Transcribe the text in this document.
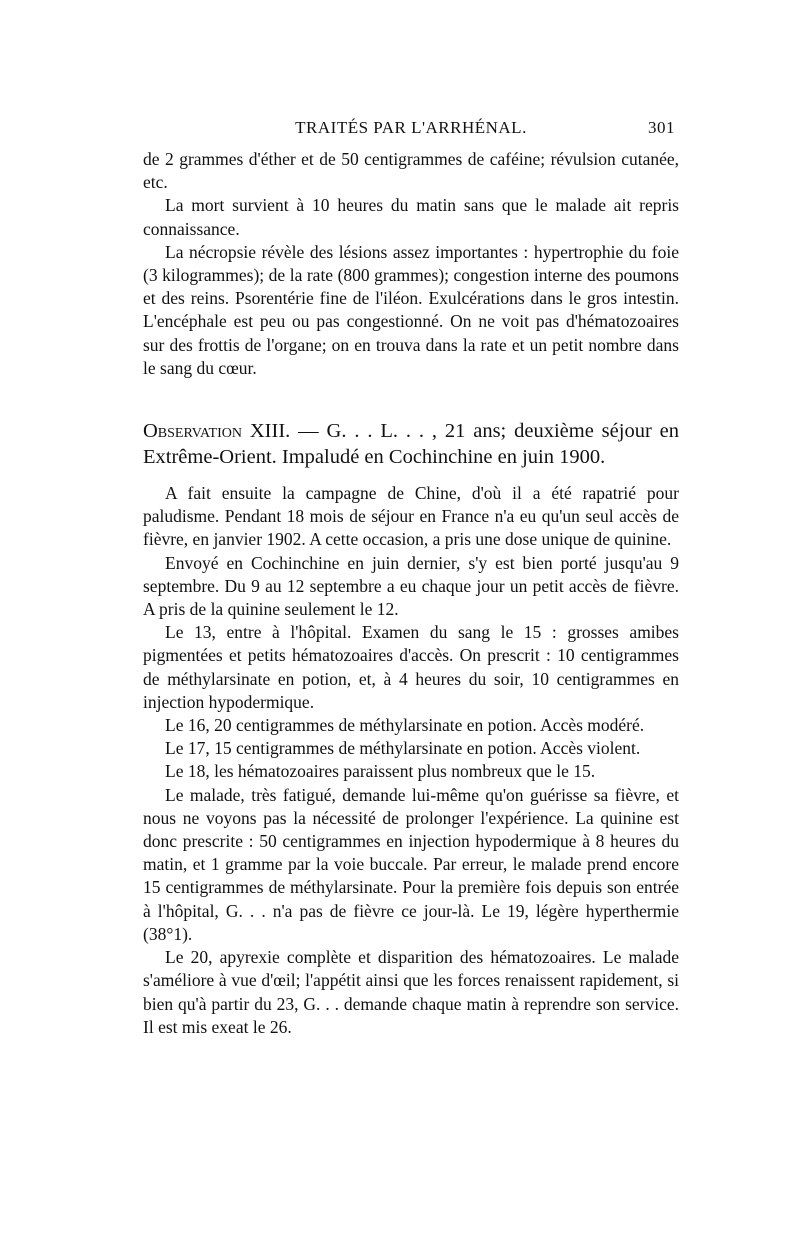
TRAITÉS PAR L'ARRHÉNAL.	301

de 2 grammes d'éther et de 50 centigrammes de caféine; révulsion cutanée, etc.

La mort survient à 10 heures du matin sans que le malade ait repris connaissance.

La nécropsie révèle des lésions assez importantes : hypertrophie du foie (3 kilogrammes); de la rate (800 grammes); congestion interne des poumons et des reins. Psorentérie fine de l'iléon. Exulcérations dans le gros intestin. L'encéphale est peu ou pas congestionné. On ne voit pas d'hématozoaires sur des frottis de l'organe; on en trouva dans la rate et un petit nombre dans le sang du cœur.

Observation XIII. — G. . . L. . . , 21 ans; deuxième séjour en Extrême-Orient. Impaludé en Cochinchine en juin 1900.

A fait ensuite la campagne de Chine, d'où il a été rapatrié pour paludisme. Pendant 18 mois de séjour en France n'a eu qu'un seul accès de fièvre, en janvier 1902. A cette occasion, a pris une dose unique de quinine.

Envoyé en Cochinchine en juin dernier, s'y est bien porté jusqu'au 9 septembre. Du 9 au 12 septembre a eu chaque jour un petit accès de fièvre. A pris de la quinine seulement le 12.

Le 13, entre à l'hôpital. Examen du sang le 15 : grosses amibes pigmentées et petits hématozoaires d'accès. On prescrit : 10 centigrammes de méthylarsinate en potion, et, à 4 heures du soir, 10 centigrammes en injection hypodermique.

Le 16, 20 centigrammes de méthylarsinate en potion. Accès modéré.

Le 17, 15 centigrammes de méthylarsinate en potion. Accès violent.

Le 18, les hématozoaires paraissent plus nombreux que le 15.

Le malade, très fatigué, demande lui-même qu'on guérisse sa fièvre, et nous ne voyons pas la nécessité de prolonger l'expérience. La quinine est donc prescrite : 50 centigrammes en injection hypodermique à 8 heures du matin, et 1 gramme par la voie buccale. Par erreur, le malade prend encore 15 centigrammes de méthylarsinate. Pour la première fois depuis son entrée à l'hôpital, G. . . n'a pas de fièvre ce jour-là. Le 19, légère hyperthermie (38°1).

Le 20, apyrexie complète et disparition des hématozoaires. Le malade s'améliore à vue d'œil; l'appétit ainsi que les forces renaissent rapidement, si bien qu'à partir du 23, G. . . demande chaque matin à reprendre son service. Il est mis exeat le 26.
